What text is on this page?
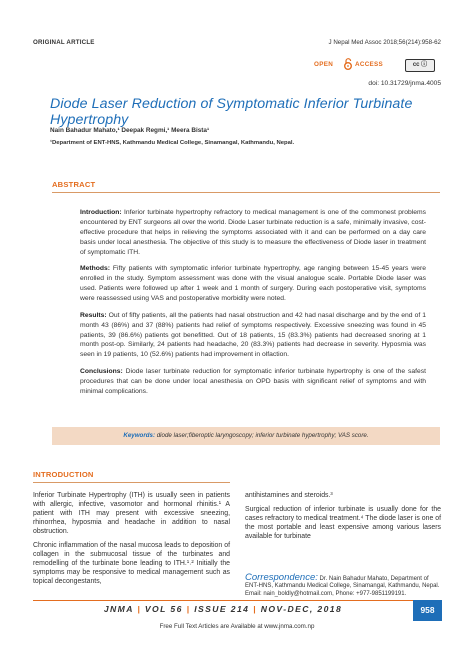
ORIGINAL ARTICLE	J Nepal Med Assoc 2018;56(214):958-62
OPEN	ACCESS	cc ⓘ
doi: 10.31729/jnma.4005
Diode Laser Reduction of Symptomatic Inferior Turbinate Hypertrophy
Nain Bahadur Mahato,¹ Deepak Regmi,¹ Meera Bista¹
¹Department of ENT-HNS, Kathmandu Medical College, Sinamangal, Kathmandu, Nepal.
ABSTRACT

Introduction: Inferior turbinate hypertrophy refractory to medical management is one of the commonest problems encountered by ENT surgeons all over the world. Diode Laser turbinate reduction is a safe, minimally invasive, cost-effective procedure that helps in relieving the symptoms associated with it and can be performed on a day care basis under local anesthesia. The objective of this study is to measure the effectiveness of Diode laser in treatment of symptomatic ITH.

Methods: Fifty patients with symptomatic inferior turbinate hypertrophy, age ranging between 15-45 years were enrolled in the study. Symptom assessment was done with the visual analogue scale. Portable Diode laser was used. Patients were followed up after 1 week and 1 month of surgery. During each postoperative visit, symptoms were reassessed using VAS and postoperative morbidity were noted.

Results: Out of fifty patients, all the patients had nasal obstruction and 42 had nasal discharge and by the end of 1 month 43 (86%) and 37 (88%) patients had relief of symptoms respectively. Excessive sneezing was found in 45 patients, 39 (86.6%) patients got benefitted. Out of 18 patients, 15 (83.3%) patients had decreased snoring at 1 month post-op. Similarly, 24 patients had headache, 20 (83.3%) patients had decrease in severity. Hyposmia was seen in 19 patients, 10 (52.6%) patients had improvement in olfaction.

Conclusions: Diode laser turbinate reduction for symptomatic inferior turbinate hypertrophy is one of the safest procedures that can be done under local anesthesia on OPD basis with significant relief of symptoms and with minimal complications.

Keywords: diode laser;fiberoptic laryngoscopy; inferior turbinate hypertrophy; VAS score.
INTRODUCTION

Inferior Turbinate Hypertrophy (ITH) is usually seen in patients with allergic, infective, vasomotor and hormonal rhinitis.¹ A patient with ITH may present with excessive sneezing, rhinorrhea, hyposmia and headache in addition to nasal obstruction.

Chronic inflammation of the nasal mucosa leads to deposition of collagen in the submucosal tissue of the turbinates and remodelling of the turbinate bone leading to ITH.¹˒² Initially the symptoms may be responsive to medical management such as topical decongestants,

antihistamines and steroids.³

Surgical reduction of inferior turbinate is usually done for the cases refractory to medical treatment.⁴ The diode laser is one of the most portable and least expensive among various lasers available for turbinate

Correspondence: Dr. Nain Bahadur Mahato, Department of ENT-HNS, Kathmandu Medical College, Sinamangal, Kathmandu, Nepal. Email: nain_boldly@hotmail.com, Phone: +977-9851199191.
JNMA | VOL 56 | ISSUE 214 | NOV-DEC, 2018	958
Free Full Text Articles are Available at www.jnma.com.np
